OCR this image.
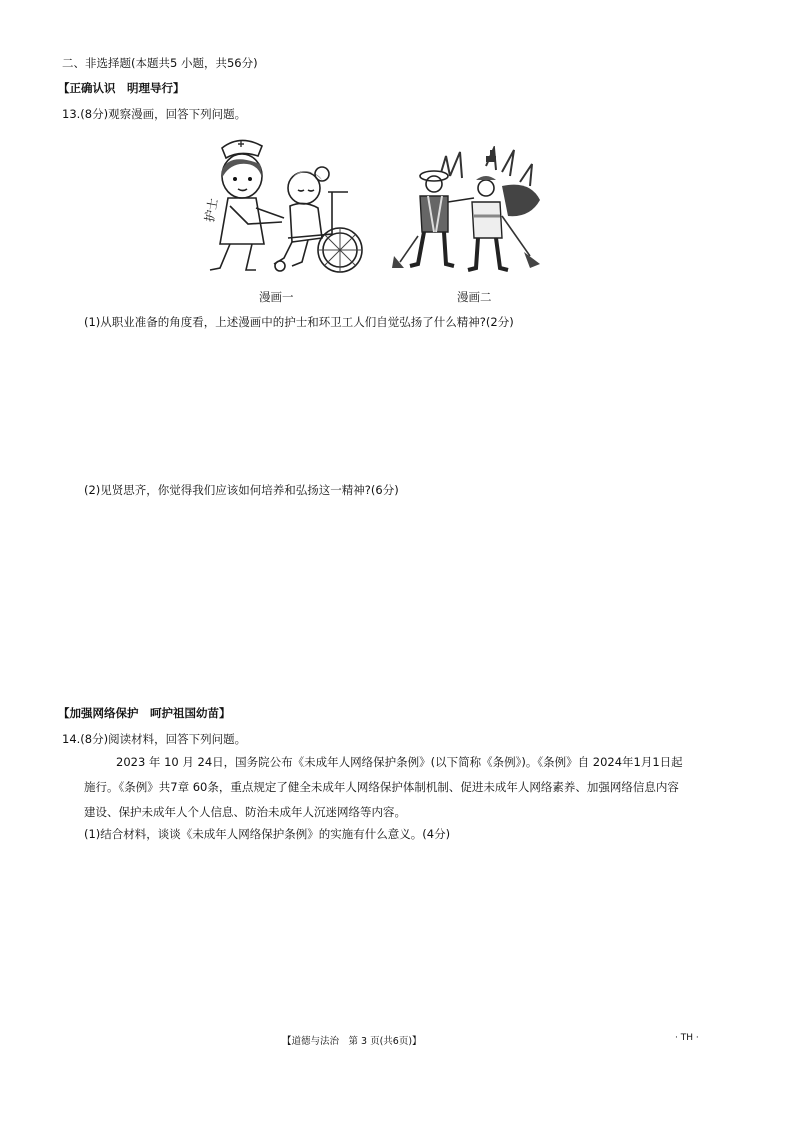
二、非选择题(本题共5 小题，共56分)
【正确认识　明理导行】
13.(8分)观察漫画，回答下列问题。
护士
漫画一	漫画二
(1)从职业准备的角度看，上述漫画中的护士和环卫工人们自觉弘扬了什么精神?(2分)
(2)见贤思齐，你觉得我们应该如何培养和弘扬这一精神?(6分)
【加强网络保护　呵护祖国幼苗】
14.(8分)阅读材料，回答下列问题。
2023 年 10 月 24日，国务院公布《未成年人网络保护条例》(以下简称《条例》)。《条例》自 2024年1月1日起
施行。《条例》共7章 60条，重点规定了健全未成年人网络保护体制机制、促进未成年人网络素养、加强网络信息内容
建设、保护未成年人个人信息、防治未成年人沉迷网络等内容。
(1)结合材料，谈谈《未成年人网络保护条例》的实施有什么意义。(4分)
【道德与法治　第 3 页(共6页)】	· TH ·
